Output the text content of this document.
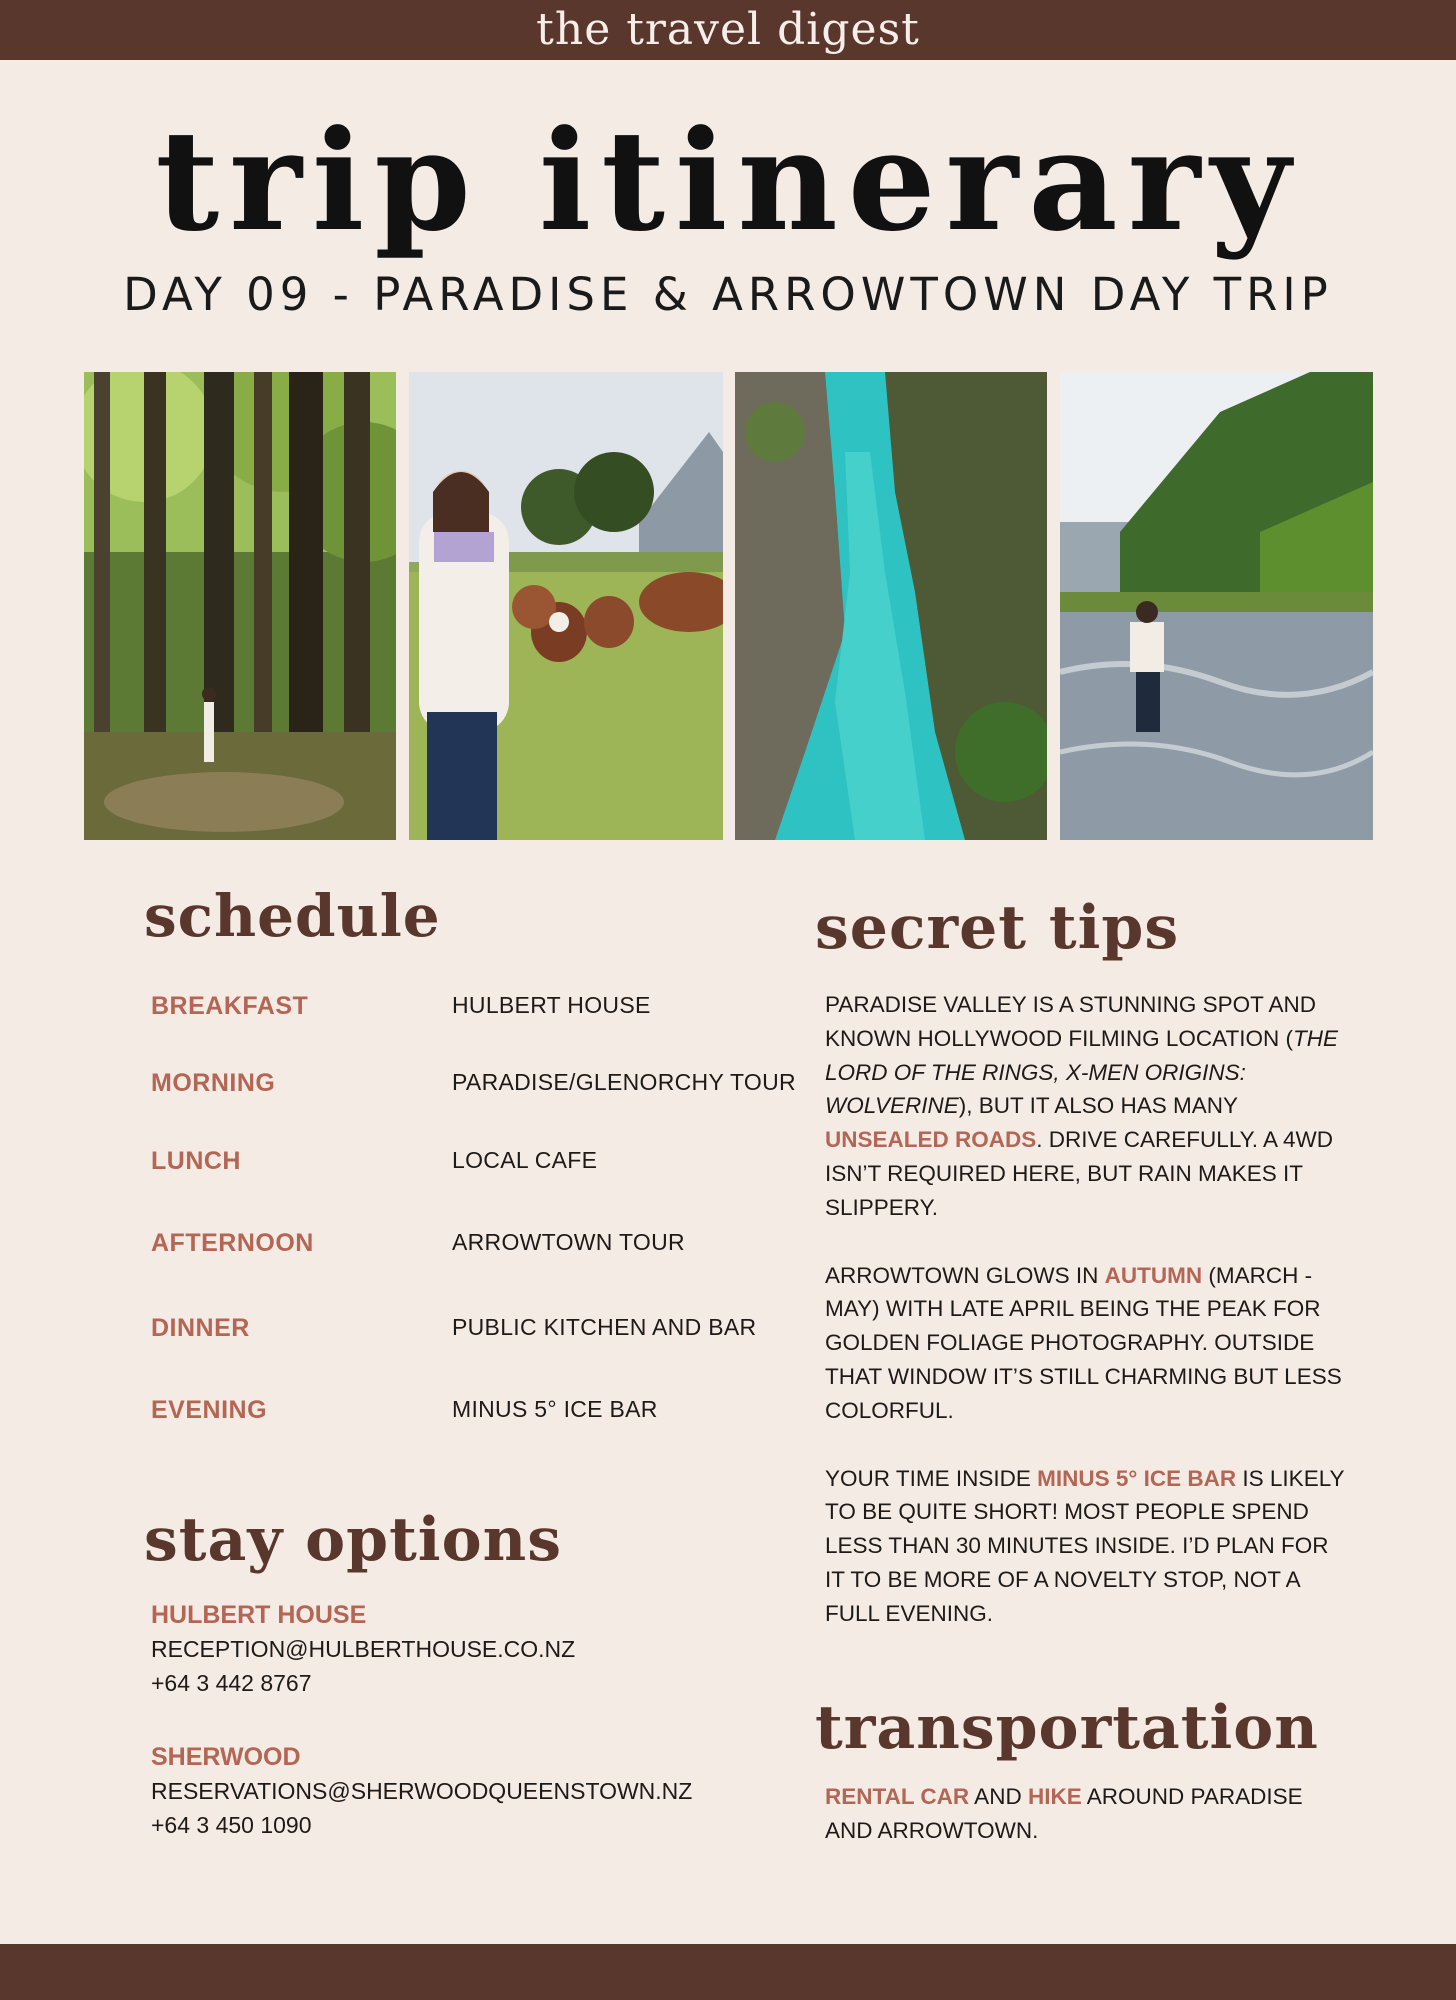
the travel digest
trip itinerary
DAY 09 - PARADISE & ARROWTOWN DAY TRIP
schedule
BREAKFAST	HULBERT HOUSE
MORNING	PARADISE/GLENORCHY TOUR
LUNCH	LOCAL CAFE
AFTERNOON	ARROWTOWN TOUR
DINNER	PUBLIC KITCHEN AND BAR
EVENING	MINUS 5° ICE BAR
stay options
HULBERT HOUSE
RECEPTION@HULBERTHOUSE.CO.NZ
+64 3 442 8767
SHERWOOD
RESERVATIONS@SHERWOODQUEENSTOWN.NZ
+64 3 450 1090
secret tips

PARADISE VALLEY IS A STUNNING SPOT AND KNOWN HOLLYWOOD FILMING LOCATION (THE LORD OF THE RINGS, X-MEN ORIGINS: WOLVERINE), BUT IT ALSO HAS MANY UNSEALED ROADS. DRIVE CAREFULLY. A 4WD ISN’T REQUIRED HERE, BUT RAIN MAKES IT SLIPPERY.

ARROWTOWN GLOWS IN AUTUMN (MARCH - MAY) WITH LATE APRIL BEING THE PEAK FOR GOLDEN FOLIAGE PHOTOGRAPHY. OUTSIDE THAT WINDOW IT’S STILL CHARMING BUT LESS COLORFUL.

YOUR TIME INSIDE MINUS 5° ICE BAR IS LIKELY TO BE QUITE SHORT! MOST PEOPLE SPEND LESS THAN 30 MINUTES INSIDE. I’D PLAN FOR IT TO BE MORE OF A NOVELTY STOP, NOT A FULL EVENING.

transportation

RENTAL CAR AND HIKE AROUND PARADISE AND ARROWTOWN.
